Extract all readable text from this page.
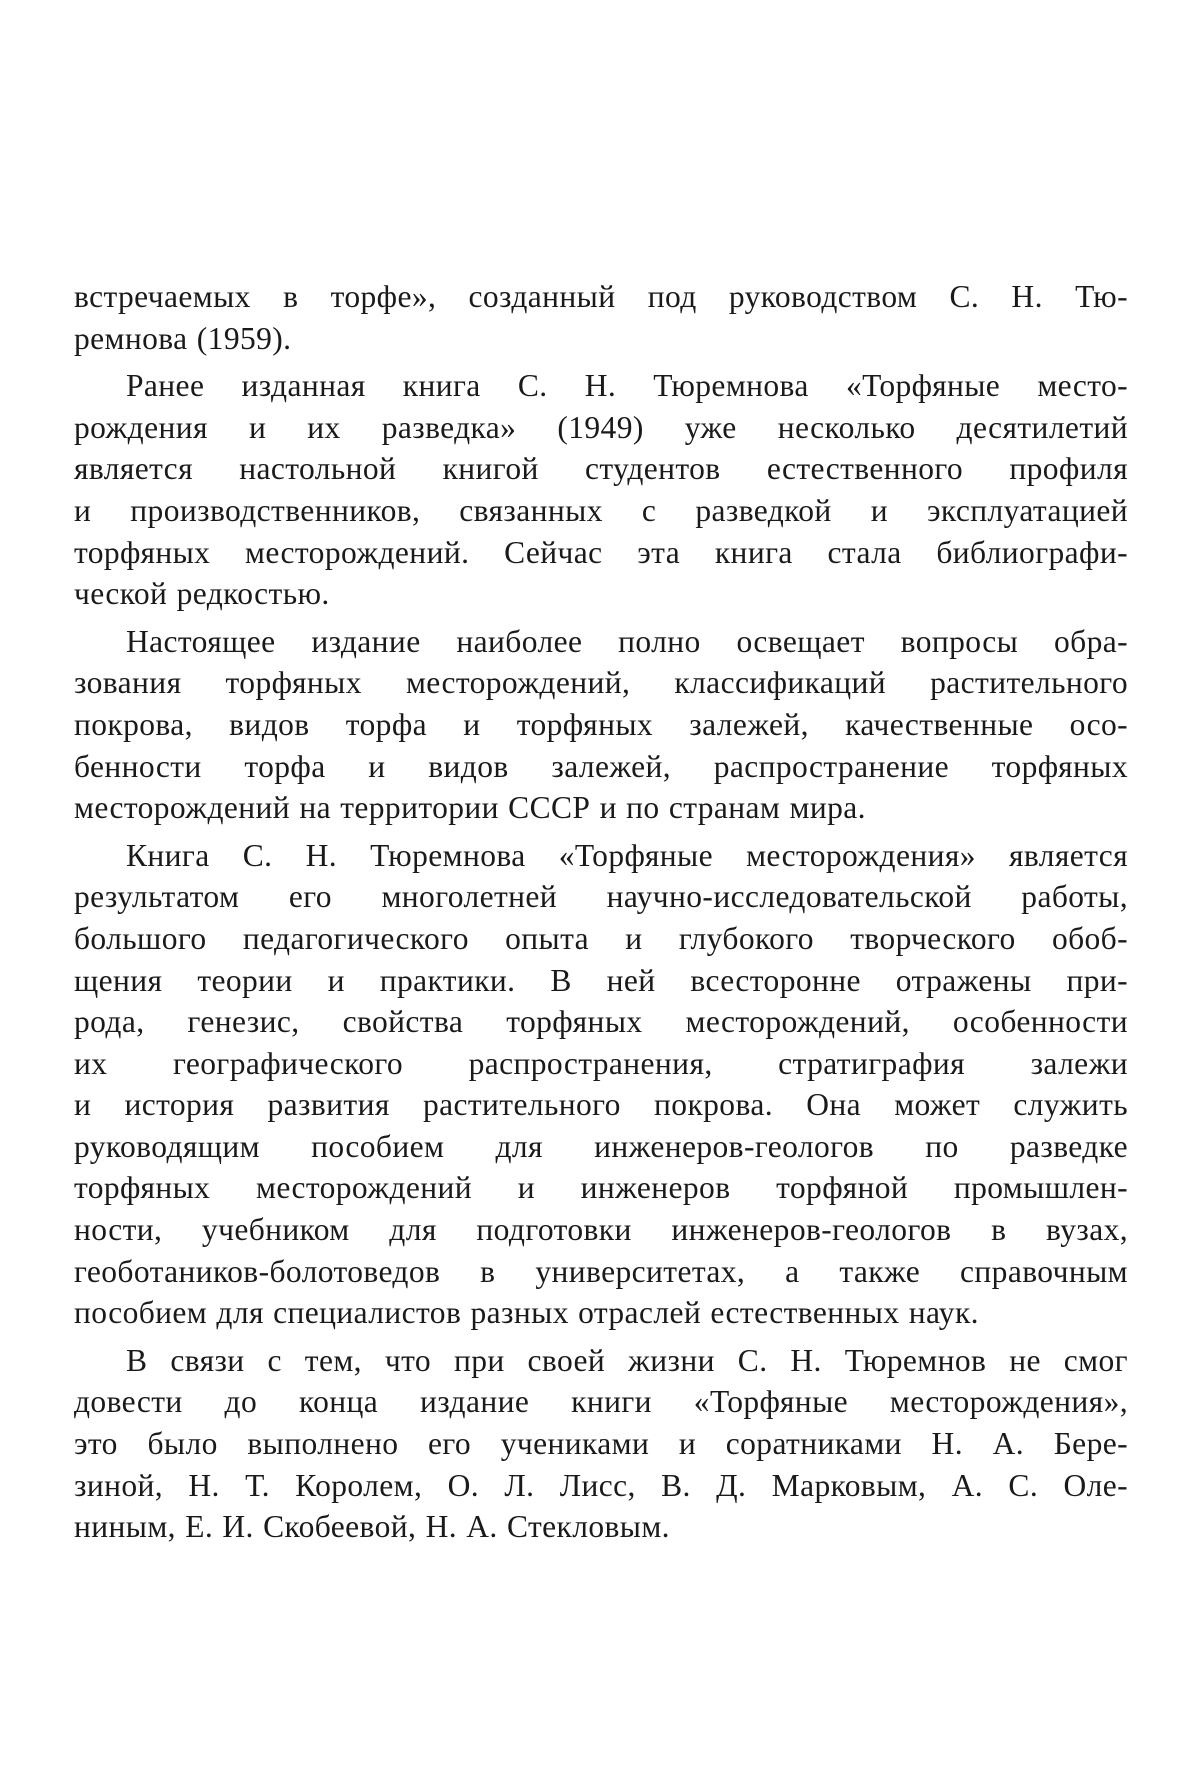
встречаемых в торфе», созданный под руководством С. Н. Тю-
ремнова (1959).
Ранее изданная книга С. Н. Тюремнова «Торфяные место-
рождения и их разведка» (1949) уже несколько десятилетий
является настольной книгой студентов естественного профиля
и производственников, связанных с разведкой и эксплуатацией
торфяных месторождений. Сейчас эта книга стала библиографи-
ческой редкостью.
Настоящее издание наиболее полно освещает вопросы обра-
зования торфяных месторождений, классификаций растительного
покрова, видов торфа и торфяных залежей, качественные осо-
бенности торфа и видов залежей, распространение торфяных
месторождений на территории СССР и по странам мира.
Книга С. Н. Тюремнова «Торфяные месторождения» является
результатом его многолетней научно-исследовательской работы,
большого педагогического опыта и глубокого творческого обоб-
щения теории и практики. В ней всесторонне отражены при-
рода, генезис, свойства торфяных месторождений, особенности
их географического распространения, стратиграфия залежи
и история развития растительного покрова. Она может служить
руководящим пособием для инженеров-геологов по разведке
торфяных месторождений и инженеров торфяной промышлен-
ности, учебником для подготовки инженеров-геологов в вузах,
геоботаников-болотоведов в университетах, а также справочным
пособием для специалистов разных отраслей естественных наук.
В связи с тем, что при своей жизни С. Н. Тюремнов не смог
довести до конца издание книги «Торфяные месторождения»,
это было выполнено его учениками и соратниками Н. А. Бере-
зиной, Н. Т. Королем, О. Л. Лисс, В. Д. Марковым, А. С. Оле-
ниным, Е. И. Скобеевой, Н. А. Стекловым.
